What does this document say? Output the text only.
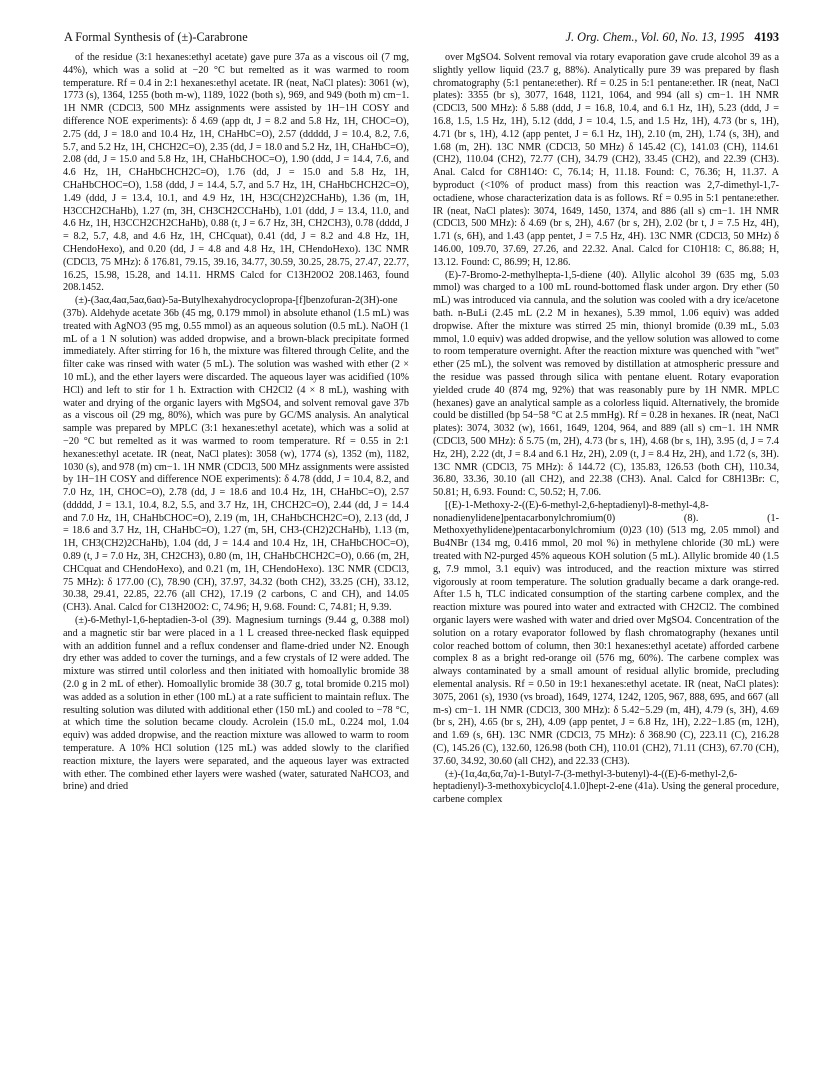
A Formal Synthesis of (±)-Carabrone	J. Org. Chem., Vol. 60, No. 13, 1995 4193

of the residue (3:1 hexanes:ethyl acetate) gave pure 37a as a viscous oil (7 mg, 44%), which was a solid at −20 °C but remelted as it was warmed to room temperature. Rf = 0.4 in 2:1 hexanes:ethyl acetate. IR (neat, NaCl plates): 3061 (w), 1773 (s), 1364, 1255 (both m-w), 1189, 1022 (both s), 969, and 949 (both m) cm−1. 1H NMR (CDCl3, 500 MHz assignments were assisted by 1H−1H COSY and difference NOE experiments): δ 4.69 (app dt, J = 8.2 and 5.8 Hz, 1H, CHOC=O), 2.75 (dd, J = 18.0 and 10.4 Hz, 1H, CHaHbC=O), 2.57 (ddddd, J = 10.4, 8.2, 7.6, 5.7, and 5.2 Hz, 1H, CHCH2C=O), 2.35 (dd, J = 18.0 and 5.2 Hz, 1H, CHaHbC=O), 2.08 (dd, J = 15.0 and 5.8 Hz, 1H, CHaHbCHOC=O), 1.90 (ddd, J = 14.4, 7.6, and 4.6 Hz, 1H, CHaHbCHCH2C=O), 1.76 (dd, J = 15.0 and 5.8 Hz, 1H, CHaHbCHOC=O), 1.58 (ddd, J = 14.4, 5.7, and 5.7 Hz, 1H, CHaHbCHCH2C=O), 1.49 (ddd, J = 13.4, 10.1, and 4.9 Hz, 1H, H3C(CH2)2CHaHb), 1.36 (m, 1H, H3CCH2CHaHb), 1.27 (m, 3H, CH3CH2CCHaHb), 1.01 (ddd, J = 13.4, 11.0, and 4.6 Hz, 1H, H3CCH2CH2CHaHb), 0.88 (t, J = 6.7 Hz, 3H, CH2CH3), 0.78 (dddd, J = 8.2, 5.7, 4.8, and 4.6 Hz, 1H, CHCquat), 0.41 (dd, J = 8.2 and 4.8 Hz, 1H, CHendoHexo), and 0.20 (dd, J = 4.8 and 4.8 Hz, 1H, CHendoHexo). 13C NMR (CDCl3, 75 MHz): δ 176.81, 79.15, 39.16, 34.77, 30.59, 30.25, 28.75, 27.47, 22.77, 16.25, 15.98, 15.28, and 14.11. HRMS Calcd for C13H20O2 208.1463, found 208.1452.

(±)-(3aα,4aα,5aα,6aα)-5a-Butylhexahydrocyclopropa-[f]benzofuran-2(3H)-one (37b). Aldehyde acetate 36b (45 mg, 0.179 mmol) in absolute ethanol (1.5 mL) was treated with AgNO3 (95 mg, 0.55 mmol) as an aqueous solution (0.5 mL). NaOH (1 mL of a 1 N solution) was added dropwise, and a brown-black precipitate formed immediately. After stirring for 16 h, the mixture was filtered through Celite, and the filter cake was rinsed with water (5 mL). The solution was washed with ether (2 × 10 mL), and the ether layers were discarded. The aqueous layer was acidified (10% HCl) and left to stir for 1 h. Extraction with CH2Cl2 (4 × 8 mL), washing with water and drying of the organic layers with MgSO4, and solvent removal gave 37b as a viscous oil (29 mg, 80%), which was pure by GC/MS analysis. An analytical sample was prepared by MPLC (3:1 hexanes:ethyl acetate), which was a solid at −20 °C but remelted as it was warmed to room temperature. Rf = 0.55 in 2:1 hexanes:ethyl acetate. IR (neat, NaCl plates): 3058 (w), 1774 (s), 1352 (m), 1182, 1030 (s), and 978 (m) cm−1. 1H NMR (CDCl3, 500 MHz assignments were assisted by 1H−1H COSY and difference NOE experiments): δ 4.78 (ddd, J = 10.4, 8.2, and 7.0 Hz, 1H, CHOC=O), 2.78 (dd, J = 18.6 and 10.4 Hz, 1H, CHaHbC=O), 2.57 (ddddd, J = 13.1, 10.4, 8.2, 5.5, and 3.7 Hz, 1H, CHCH2C=O), 2.44 (dd, J = 14.4 and 7.0 Hz, 1H, CHaHbCHOC=O), 2.19 (m, 1H, CHaHbCHCH2C=O), 2.13 (dd, J = 18.6 and 3.7 Hz, 1H, CHaHbC=O), 1.27 (m, 5H, CH3-(CH2)2CHaHb), 1.13 (m, 1H, CH3(CH2)2CHaHb), 1.04 (dd, J = 14.4 and 10.4 Hz, 1H, CHaHbCHOC=O), 0.89 (t, J = 7.0 Hz, 3H, CH2CH3), 0.80 (m, 1H, CHaHbCHCH2C=O), 0.66 (m, 2H, CHCquat and CHendoHexo), and 0.21 (m, 1H, CHendoHexo). 13C NMR (CDCl3, 75 MHz): δ 177.00 (C), 78.90 (CH), 37.97, 34.32 (both CH2), 33.25 (CH), 33.12, 30.38, 29.41, 22.85, 22.76 (all CH2), 17.19 (2 carbons, C and CH), and 14.05 (CH3). Anal. Calcd for C13H20O2: C, 74.96; H, 9.68. Found: C, 74.81; H, 9.39.

(±)-6-Methyl-1,6-heptadien-3-ol (39). Magnesium turnings (9.44 g, 0.388 mol) and a magnetic stir bar were placed in a 1 L creased three-necked flask equipped with an addition funnel and a reflux condenser and flame-dried under N2. Enough dry ether was added to cover the turnings, and a few crystals of I2 were added. The mixture was stirred until colorless and then initiated with homoallylic bromide 38 (2.0 g in 2 mL of ether). Homoallylic bromide 38 (30.7 g, total bromide 0.215 mol) was added as a solution in ether (100 mL) at a rate sufficient to maintain reflux. The resulting solution was diluted with additional ether (150 mL) and cooled to −78 °C, at which time the solution became cloudy. Acrolein (15.0 mL, 0.224 mol, 1.04 equiv) was added dropwise, and the reaction mixture was allowed to warm to room temperature. A 10% HCl solution (125 mL) was added slowly to the clarified reaction mixture, the layers were separated, and the aqueous layer was extracted with ether. The combined ether layers were washed (water, saturated NaHCO3, and brine) and dried

over MgSO4. Solvent removal via rotary evaporation gave crude alcohol 39 as a slightly yellow liquid (23.7 g, 88%). Analytically pure 39 was prepared by flash chromatography (5:1 pentane:ether). Rf = 0.25 in 5:1 pentane:ether. IR (neat, NaCl plates): 3355 (br s), 3077, 1648, 1121, 1064, and 994 (all s) cm−1. 1H NMR (CDCl3, 500 MHz): δ 5.88 (ddd, J = 16.8, 10.4, and 6.1 Hz, 1H), 5.23 (ddd, J = 16.8, 1.5, 1.5 Hz, 1H), 5.12 (ddd, J = 10.4, 1.5, and 1.5 Hz, 1H), 4.73 (br s, 1H), 4.71 (br s, 1H), 4.12 (app pentet, J = 6.1 Hz, 1H), 2.10 (m, 2H), 1.74 (s, 3H), and 1.68 (m, 2H). 13C NMR (CDCl3, 50 MHz) δ 145.42 (C), 141.03 (CH), 114.61 (CH2), 110.04 (CH2), 72.77 (CH), 34.79 (CH2), 33.45 (CH2), and 22.39 (CH3). Anal. Calcd for C8H14O: C, 76.14; H, 11.18. Found: C, 76.36; H, 11.37. A byproduct (<10% of product mass) from this reaction was 2,7-dimethyl-1,7-octadiene, whose characterization data is as follows. Rf = 0.95 in 5:1 pentane:ether. IR (neat, NaCl plates): 3074, 1649, 1450, 1374, and 886 (all s) cm−1. 1H NMR (CDCl3, 500 MHz): δ 4.69 (br s, 2H), 4.67 (br s, 2H), 2.02 (br t, J = 7.5 Hz, 4H), 1.71 (s, 6H), and 1.43 (app pentet, J = 7.5 Hz, 4H). 13C NMR (CDCl3, 50 MHz) δ 146.00, 109.70, 37.69, 27.26, and 22.32. Anal. Calcd for C10H18: C, 86.88; H, 13.12. Found: C, 86.99; H, 12.86.

(E)-7-Bromo-2-methylhepta-1,5-diene (40). Allylic alcohol 39 (635 mg, 5.03 mmol) was charged to a 100 mL round-bottomed flask under argon. Dry ether (50 mL) was introduced via cannula, and the solution was cooled with a dry ice/acetone bath. n-BuLi (2.45 mL (2.2 M in hexanes), 5.39 mmol, 1.06 equiv) was added dropwise. After the mixture was stirred 25 min, thionyl bromide (0.39 mL, 5.03 mmol, 1.0 equiv) was added dropwise, and the yellow solution was allowed to come to room temperature overnight. After the reaction mixture was quenched with "wet" ether (25 mL), the solvent was removed by distillation at atmospheric pressure and the residue was passed through silica with pentane eluent. Rotary evaporation yielded crude 40 (874 mg, 92%) that was reasonably pure by 1H NMR. MPLC (hexanes) gave an analytical sample as a colorless liquid. Alternatively, the bromide could be distilled (bp 54−58 °C at 2.5 mmHg). Rf = 0.28 in hexanes. IR (neat, NaCl plates): 3074, 3032 (w), 1661, 1649, 1204, 964, and 889 (all s) cm−1. 1H NMR (CDCl3, 500 MHz): δ 5.75 (m, 2H), 4.73 (br s, 1H), 4.68 (br s, 1H), 3.95 (d, J = 7.4 Hz, 2H), 2.22 (dt, J = 8.4 and 6.1 Hz, 2H), 2.09 (t, J = 8.4 Hz, 2H), and 1.72 (s, 3H). 13C NMR (CDCl3, 75 MHz): δ 144.72 (C), 135.83, 126.53 (both CH), 110.34, 36.80, 33.36, 30.10 (all CH2), and 22.38 (CH3). Anal. Calcd for C8H13Br: C, 50.81; H, 6.93. Found: C, 50.52; H, 7.06.

[(E)-1-Methoxy-2-((E)-6-methyl-2,6-heptadienyl)-8-methyl-4,8-nonadienylidene]pentacarbonylchromium(0) (8). (1-Methoxyethylidene)pentacarbonylchromium (0)23 (10) (513 mg, 2.05 mmol) and Bu4NBr (134 mg, 0.416 mmol, 20 mol %) in methylene chloride (30 mL) were treated with N2-purged 45% aqueous KOH solution (5 mL). Allylic bromide 40 (1.5 g, 7.9 mmol, 3.1 equiv) was introduced, and the reaction mixture was stirred vigorously at room temperature. The solution gradually became a dark orange-red. After 1.5 h, TLC indicated consumption of the starting carbene complex, and the reaction mixture was poured into water and extracted with CH2Cl2. The combined organic layers were washed with water and dried over MgSO4. Concentration of the solution on a rotary evaporator followed by flash chromatography (hexanes until color reached bottom of column, then 30:1 hexanes:ethyl acetate) afforded carbene complex 8 as a bright red-orange oil (576 mg, 60%). The carbene complex was always contaminated by a small amount of residual allylic bromide, precluding elemental analysis. Rf = 0.50 in 19:1 hexanes:ethyl acetate. IR (neat, NaCl plates): 3075, 2061 (s), 1930 (vs broad), 1649, 1274, 1242, 1205, 967, 888, 695, and 667 (all m-s) cm−1. 1H NMR (CDCl3, 300 MHz): δ 5.42−5.29 (m, 4H), 4.79 (s, 3H), 4.69 (br s, 2H), 4.65 (br s, 2H), 4.09 (app pentet, J = 6.8 Hz, 1H), 2.22−1.85 (m, 12H), and 1.69 (s, 6H). 13C NMR (CDCl3, 75 MHz): δ 368.90 (C), 223.11 (C), 216.28 (C), 145.26 (C), 132.60, 126.98 (both CH), 110.01 (CH2), 71.11 (CH3), 67.70 (CH), 37.60, 34.92, 30.60 (all CH2), and 22.33 (CH3).

(±)-(1α,4α,6α,7α)-1-Butyl-7-(3-methyl-3-butenyl)-4-((E)-6-methyl-2,6-heptadienyl)-3-methoxybicyclo[4.1.0]hept-2-ene (41a). Using the general procedure, carbene complex
